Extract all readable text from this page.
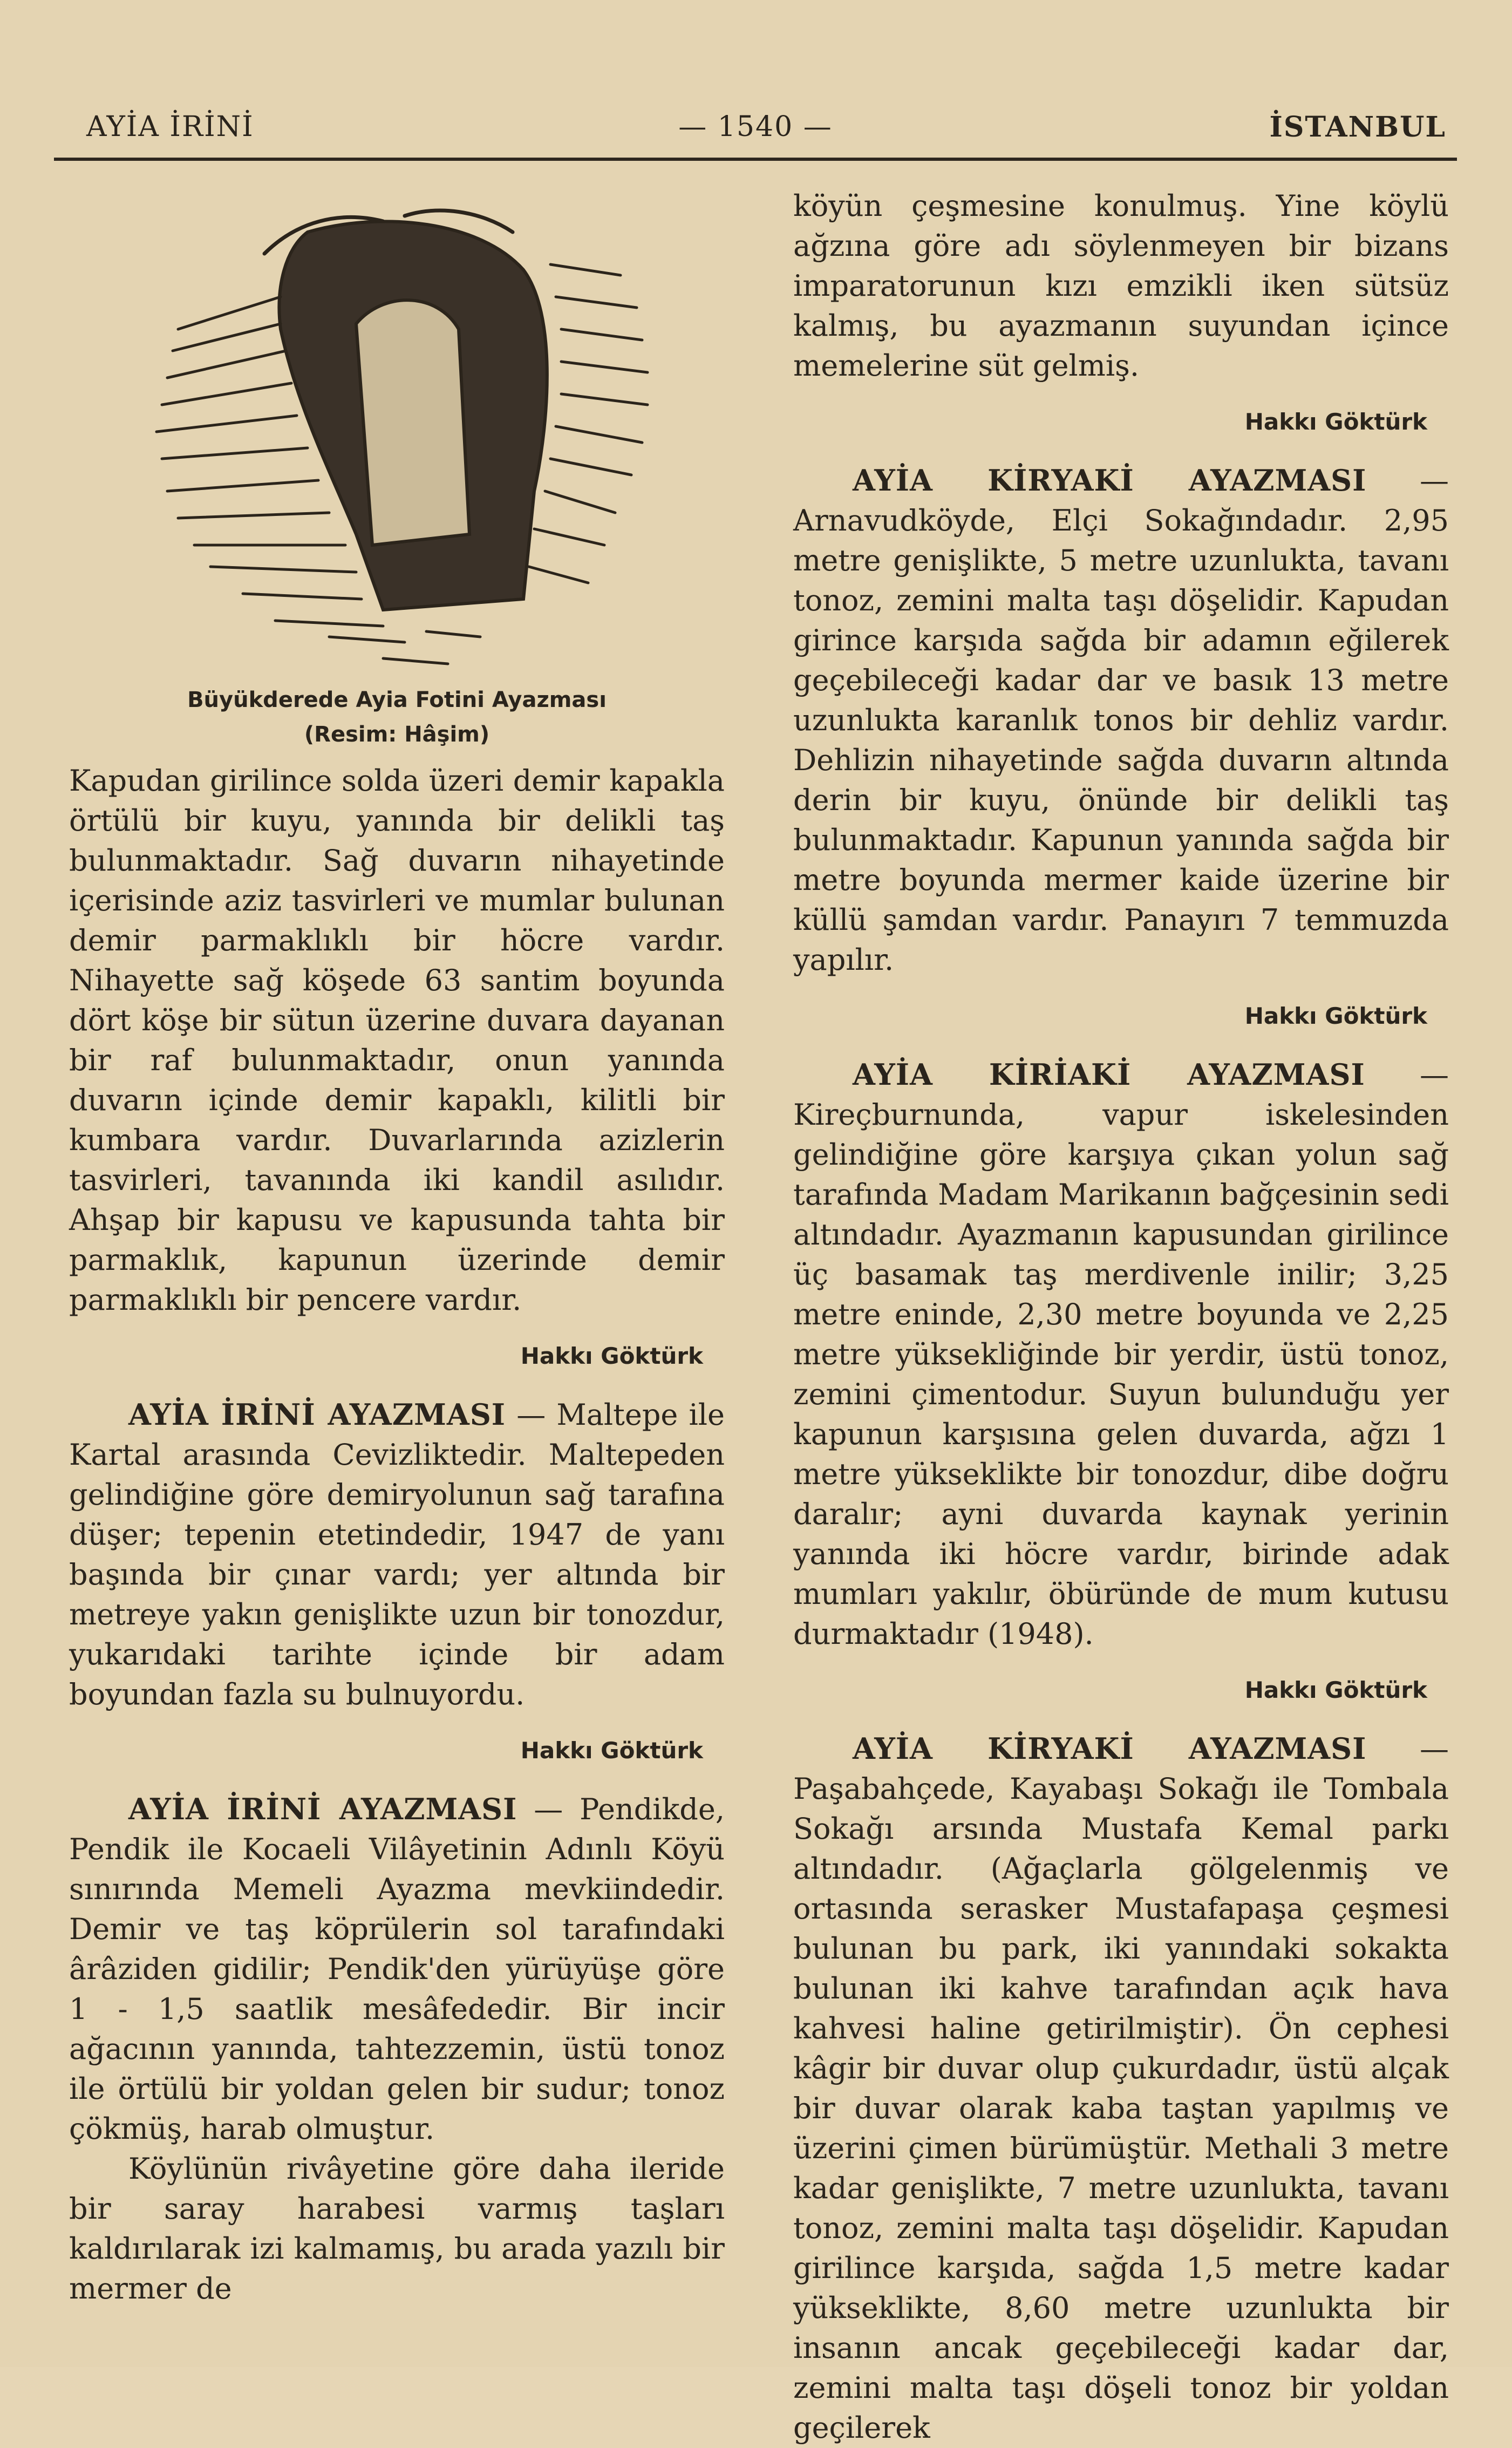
AYİA İRİNİ	— 1540 —	İSTANBUL
Büyükderede Ayia Fotini Ayazması
(Resim: Hâşim)

Kapudan girilince solda üzeri demir kapakla örtülü bir kuyu, yanında bir delikli taş bulunmaktadır. Sağ duvarın nihayetinde içerisinde aziz tasvirleri ve mumlar bulunan demir parmaklıklı bir höcre vardır. Nihayette sağ köşede 63 santim boyunda dört köşe bir sütun üzerine duvara dayanan bir raf bulunmaktadır, onun yanında duvarın içinde demir kapaklı, kilitli bir kumbara vardır. Duvarlarında azizlerin tasvirleri, tavanında iki kandil asılıdır. Ahşap bir kapusu ve kapusunda tahta bir parmaklık, kapunun üzerinde demir parmaklıklı bir pencere vardır.

Hakkı Göktürk

AYİA İRİNİ AYAZMASI — Maltepe ile Kartal arasında Cevizliktedir. Maltepeden gelindiğine göre demiryolunun sağ tarafına düşer; tepenin etetindedir, 1947 de yanı başında bir çınar vardı; yer altında bir metreye yakın genişlikte uzun bir tonozdur, yukarıdaki tarihte içinde bir adam boyundan fazla su bulnuyordu.

Hakkı Göktürk

AYİA İRİNİ AYAZMASI — Pendikde, Pendik ile Kocaeli Vilâyetinin Adınlı Köyü sınırında Memeli Ayazma mevkiindedir. Demir ve taş köprülerin sol tarafındaki ârâziden gidilir; Pendik'den yürüyüşe göre 1 - 1,5 saatlik mesâfededir. Bir incir ağacının yanında, tahtezzemin, üstü tonoz ile örtülü bir yoldan gelen bir sudur; tonoz çökmüş, harab olmuştur.

Köylünün rivâyetine göre daha ileride bir saray harabesi varmış taşları kaldırılarak izi kalmamış, bu arada yazılı bir mermer de

köyün çeşmesine konulmuş. Yine köylü ağzına göre adı söylenmeyen bir bizans imparatorunun kızı emzikli iken sütsüz kalmış, bu ayazmanın suyundan içince memelerine süt gelmiş.

Hakkı Göktürk

AYİA KİRYAKİ AYAZMASI — Arnavudköyde, Elçi Sokağındadır. 2,95 metre genişlikte, 5 metre uzunlukta, tavanı tonoz, zemini malta taşı döşelidir. Kapudan girince karşıda sağda bir adamın eğilerek geçebileceği kadar dar ve basık 13 metre uzunlukta karanlık tonos bir dehliz vardır. Dehlizin nihayetinde sağda duvarın altında derin bir kuyu, önünde bir delikli taş bulunmaktadır. Kapunun yanında sağda bir metre boyunda mermer kaide üzerine bir küllü şamdan vardır. Panayırı 7 temmuzda yapılır.

Hakkı Göktürk

AYİA KİRİAKİ AYAZMASI — Kireçburnunda, vapur iskelesinden gelindiğine göre karşıya çıkan yolun sağ tarafında Madam Marikanın bağçesinin sedi altındadır. Ayazmanın kapusundan girilince üç basamak taş merdivenle inilir; 3,25 metre eninde, 2,30 metre boyunda ve 2,25 metre yüksekliğinde bir yerdir, üstü tonoz, zemini çimentodur. Suyun bulunduğu yer kapunun karşısına gelen duvarda, ağzı 1 metre yükseklikte bir tonozdur, dibe doğru daralır; ayni duvarda kaynak yerinin yanında iki höcre vardır, birinde adak mumları yakılır, öbüründe de mum kutusu durmaktadır (1948).

Hakkı Göktürk

AYİA KİRYAKİ AYAZMASI — Paşabahçede, Kayabaşı Sokağı ile Tombala Sokağı arsında Mustafa Kemal parkı altındadır. (Ağaçlarla gölgelenmiş ve ortasında serasker Mustafapaşa çeşmesi bulunan bu park, iki yanındaki sokakta bulunan iki kahve tarafından açık hava kahvesi haline getirilmiştir). Ön cephesi kâgir bir duvar olup çukurdadır, üstü alçak bir duvar olarak kaba taştan yapılmış ve üzerini çimen bürümüştür. Methali 3 metre kadar genişlikte, 7 metre uzunlukta, tavanı tonoz, zemini malta taşı döşelidir. Kapudan girilince karşıda, sağda 1,5 metre kadar yükseklikte, 8,60 metre uzunlukta bir insanın ancak geçebileceği kadar dar, zemini malta taşı döşeli tonoz bir yoldan geçilerek
